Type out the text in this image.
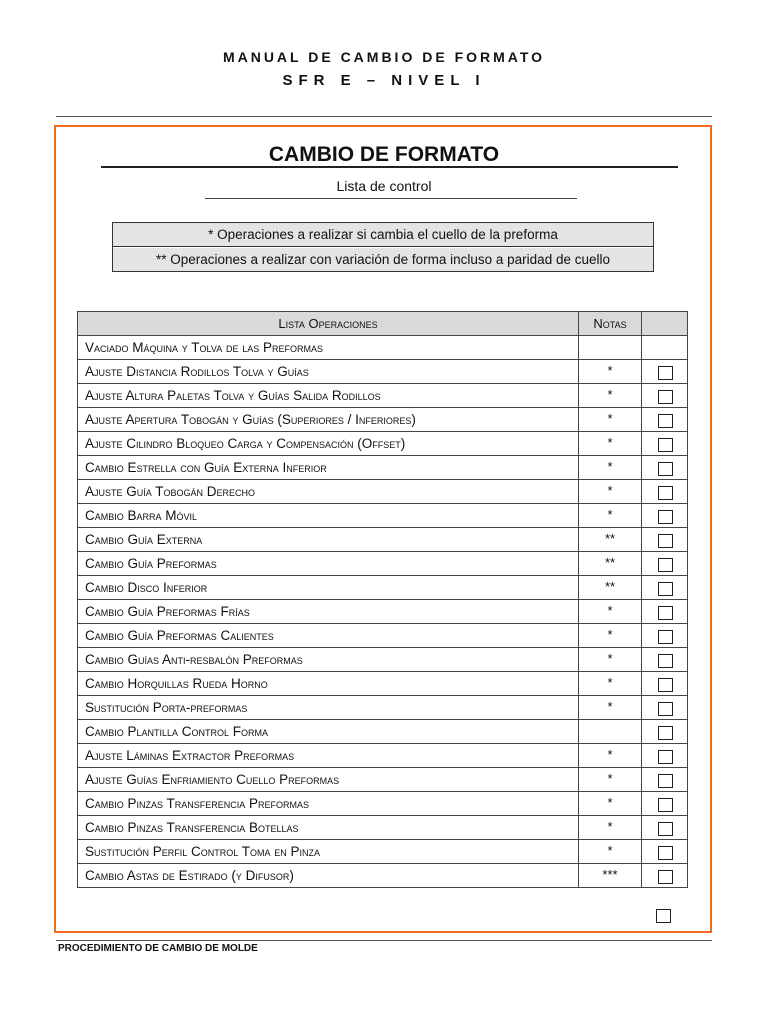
MANUAL DE CAMBIO DE FORMATO
SFR E – NIVEL I
CAMBIO DE FORMATO
Lista de control
* Operaciones a realizar si cambia el cuello de la preforma
** Operaciones a realizar con variación de forma incluso a paridad de cuello
Lista Operaciones	Notas	
Vaciado Máquina y Tolva de las Preformas		
Ajuste Distancia Rodillos Tolva y Guías	*	

Ajuste Altura Paletas Tolva y Guías Salida Rodillos	*	

Ajuste Apertura Tobogán y Guías (Superiores / Inferiores)	*	

Ajuste Cilindro Bloqueo Carga y Compensación (Offset)	*	

Cambio Estrella con Guía Externa Inferior	*	

Ajuste Guía Tobogán Derecho	*	

Cambio Barra Móvil	*	

Cambio Guía Externa	**	

Cambio Guía Preformas	**	

Cambio Disco Inferior	**	

Cambio Guía Preformas Frías	*	

Cambio Guía Preformas Calientes	*	

Cambio Guías Anti-resbalón Preformas	*	

Cambio Horquillas Rueda Horno	*	

Sustitución Porta-preformas	*	

Cambio Plantilla Control Forma		

Ajuste Láminas Extractor Preformas	*	

Ajuste Guías Enfriamiento Cuello Preformas	*	

Cambio Pinzas Transferencia Preformas	*	

Cambio Pinzas Transferencia Botellas	*	

Sustitución Perfil Control Toma en Pinza	*	

Cambio Astas de Estirado (y Difusor)	***	
PROCEDIMIENTO DE CAMBIO DE MOLDE
